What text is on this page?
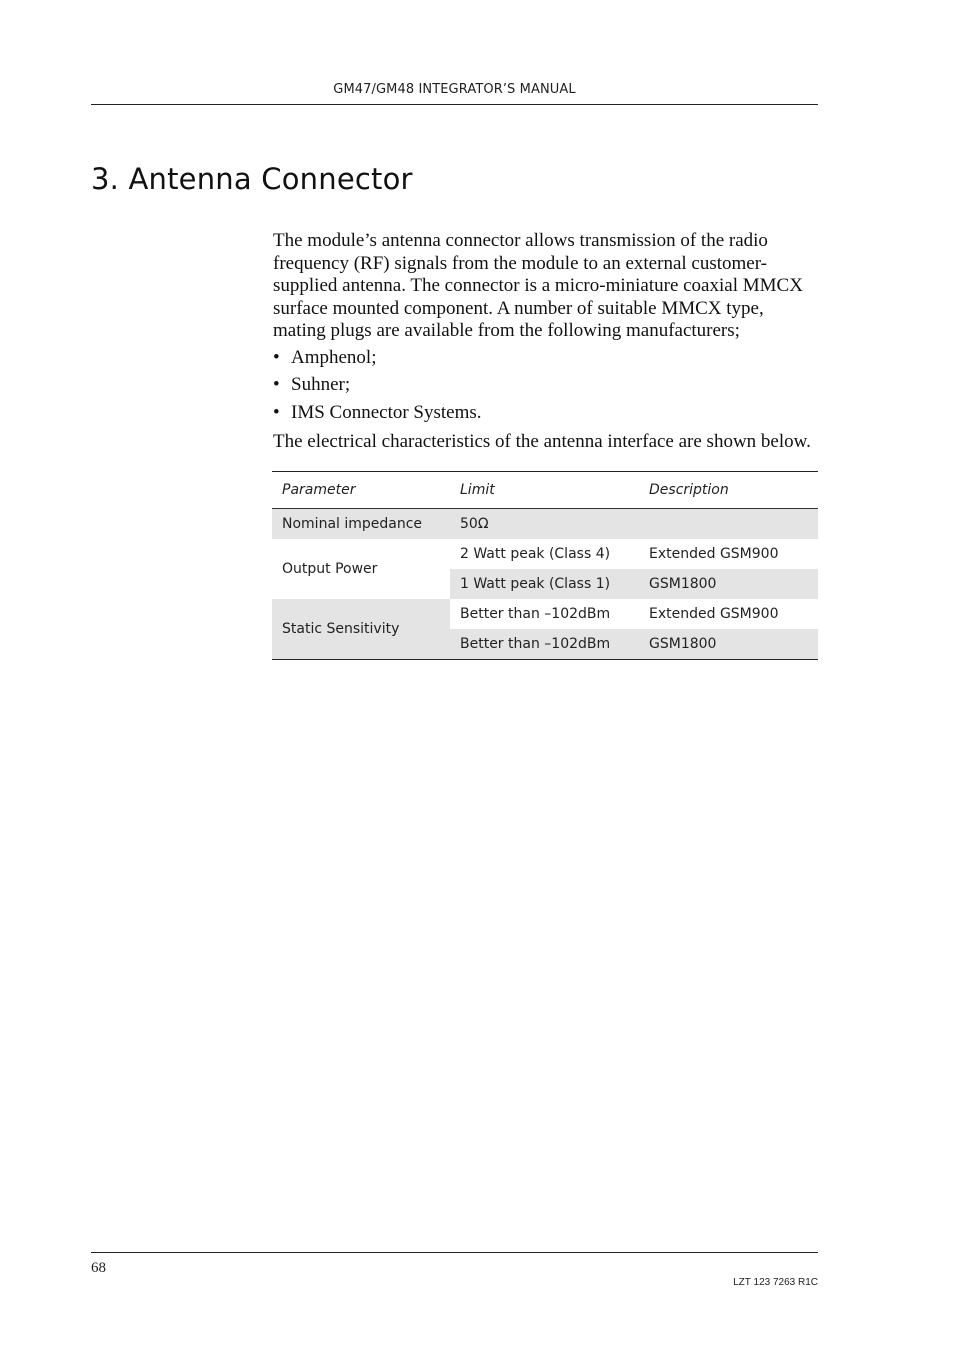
GM47/GM48 INTEGRATOR’S MANUAL
3. Antenna Connector

The module’s antenna connector allows transmission of the radio frequency (RF) signals from the module to an external customer-supplied antenna. The connector is a micro-miniature coaxial MMCX surface mounted component. A number of suitable MMCX type, mating plugs are available from the following manufacturers;

• Amphenol;
• Suhner;
• IMS Connector Systems.

The electrical characteristics of the antenna interface are shown below.

Parameter	Limit	Description
Nominal impedance	50Ω	
Output Power	2 Watt peak (Class 4)	Extended GSM900
	1 Watt peak (Class 1)	GSM1800
Static Sensitivity	Better than –102dBm	Extended GSM900
	Better than –102dBm	GSM1800
68
LZT 123 7263 R1C
